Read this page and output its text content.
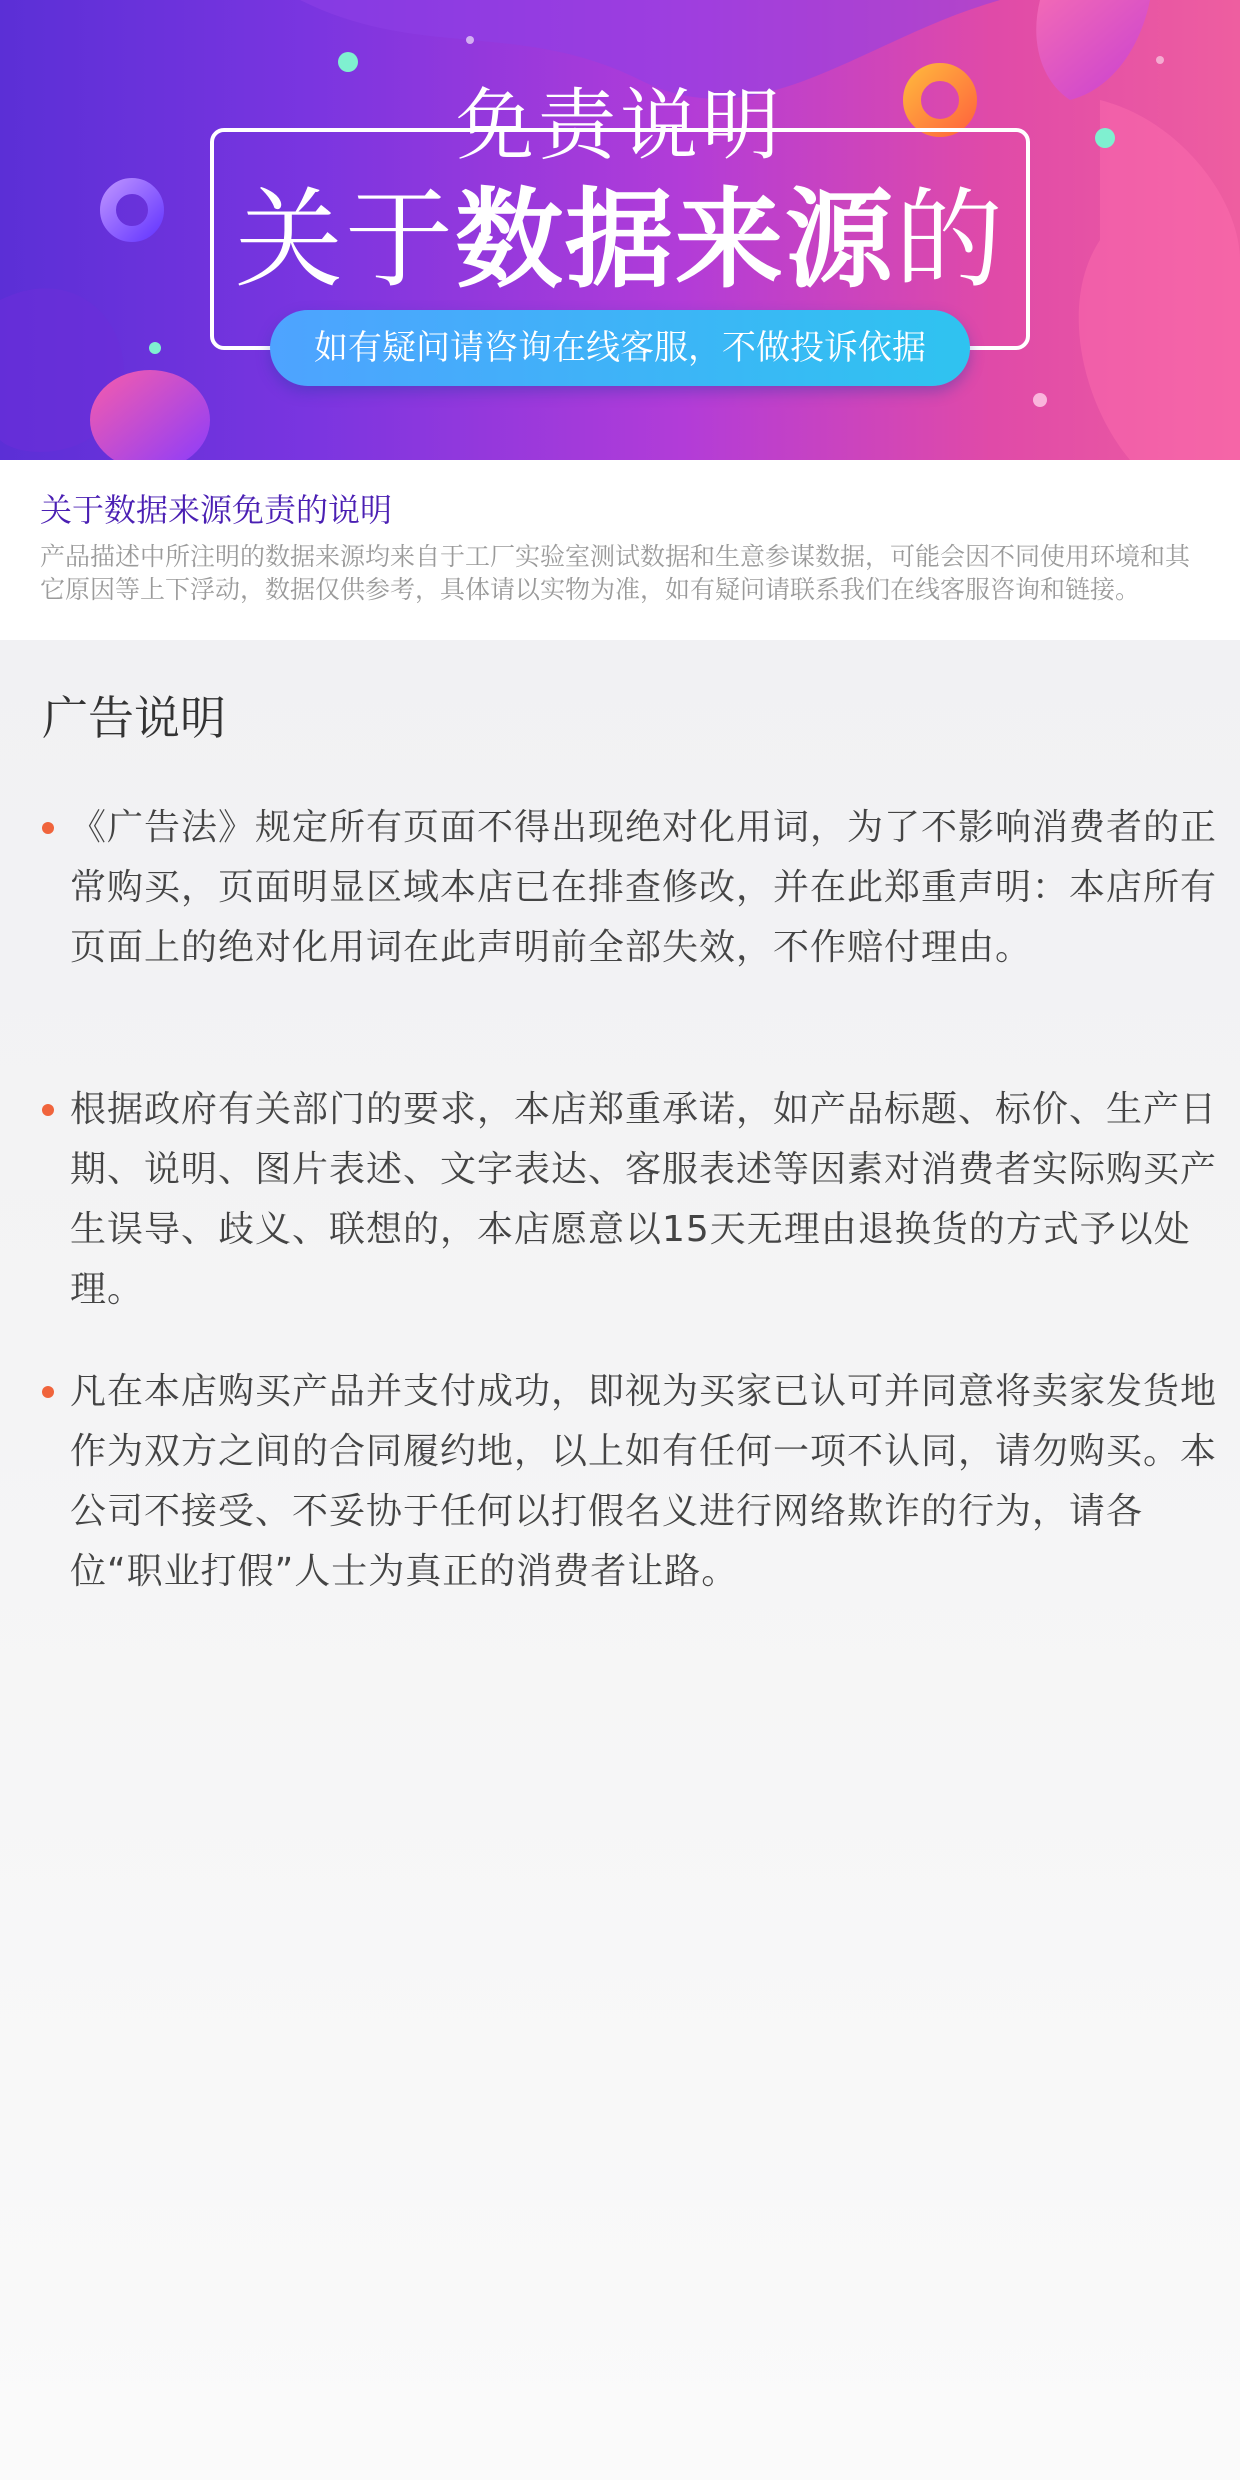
免责说明
关于数据来源的
如有疑问请咨询在线客服，不做投诉依据
关于数据来源免责的说明
产品描述中所注明的数据来源均来自于工厂实验室测试数据和生意参谋数据，可能会因不同使用环境和其它原因等上下浮动，数据仅供参考，具体请以实物为准，如有疑问请联系我们在线客服咨询和链接。
广告说明
《广告法》规定所有页面不得出现绝对化用词，为了不影响消费者的正常购买，页面明显区域本店已在排查修改，并在此郑重声明：本店所有页面上的绝对化用词在此声明前全部失效，不作赔付理由。
根据政府有关部门的要求，本店郑重承诺，如产品标题、标价、生产日期、说明、图片表述、文字表达、客服表述等因素对消费者实际购买产生误导、歧义、联想的，本店愿意以15天无理由退换货的方式予以处理。
凡在本店购买产品并支付成功，即视为买家已认可并同意将卖家发货地作为双方之间的合同履约地，以上如有任何一项不认同，请勿购买。本公司不接受、不妥协于任何以打假名义进行网络欺诈的行为，请各位“职业打假”人士为真正的消费者让路。
